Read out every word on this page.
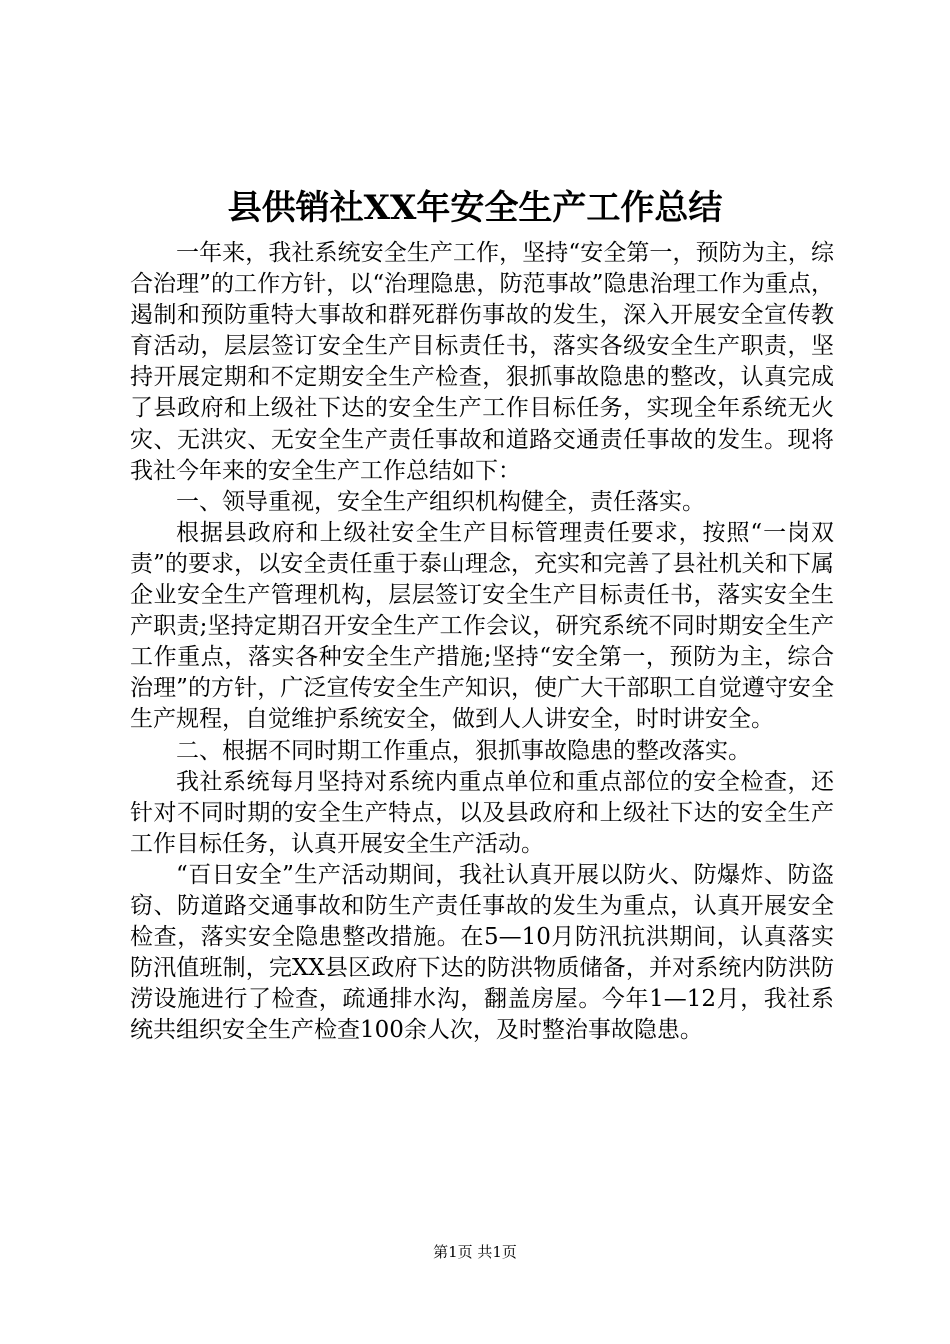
县供销社XX年安全生产工作总结

一年来，我社系统安全生产工作，坚持“安全第一，预防为主，综合治理”的工作方针，以“治理隐患，防范事故”隐患治理工作为重点，遏制和预防重特大事故和群死群伤事故的发生，深入开展安全宣传教育活动，层层签订安全生产目标责任书，落实各级安全生产职责，坚持开展定期和不定期安全生产检查，狠抓事故隐患的整改，认真完成了县政府和上级社下达的安全生产工作目标任务，实现全年系统无火灾、无洪灾、无安全生产责任事故和道路交通责任事故的发生。现将我社今年来的安全生产工作总结如下：

一、领导重视，安全生产组织机构健全，责任落实。

根据县政府和上级社安全生产目标管理责任要求，按照“一岗双责”的要求，以安全责任重于泰山理念，充实和完善了县社机关和下属企业安全生产管理机构，层层签订安全生产目标责任书，落实安全生产职责;坚持定期召开安全生产工作会议，研究系统不同时期安全生产工作重点，落实各种安全生产措施;坚持“安全第一，预防为主，综合治理”的方针，广泛宣传安全生产知识，使广大干部职工自觉遵守安全生产规程，自觉维护系统安全，做到人人讲安全，时时讲安全。

二、根据不同时期工作重点，狠抓事故隐患的整改落实。

我社系统每月坚持对系统内重点单位和重点部位的安全检查，还针对不同时期的安全生产特点，以及县政府和上级社下达的安全生产工作目标任务，认真开展安全生产活动。

“百日安全”生产活动期间，我社认真开展以防火、防爆炸、防盗窃、防道路交通事故和防生产责任事故的发生为重点，认真开展安全检查，落实安全隐患整改措施。在5—10月防汛抗洪期间，认真落实防汛值班制，完XX县区政府下达的防洪物质储备，并对系统内防洪防涝设施进行了检查，疏通排水沟，翻盖房屋。今年1—12月，我社系统共组织安全生产检查100余人次，及时整治事故隐患。

第1页 共1页
